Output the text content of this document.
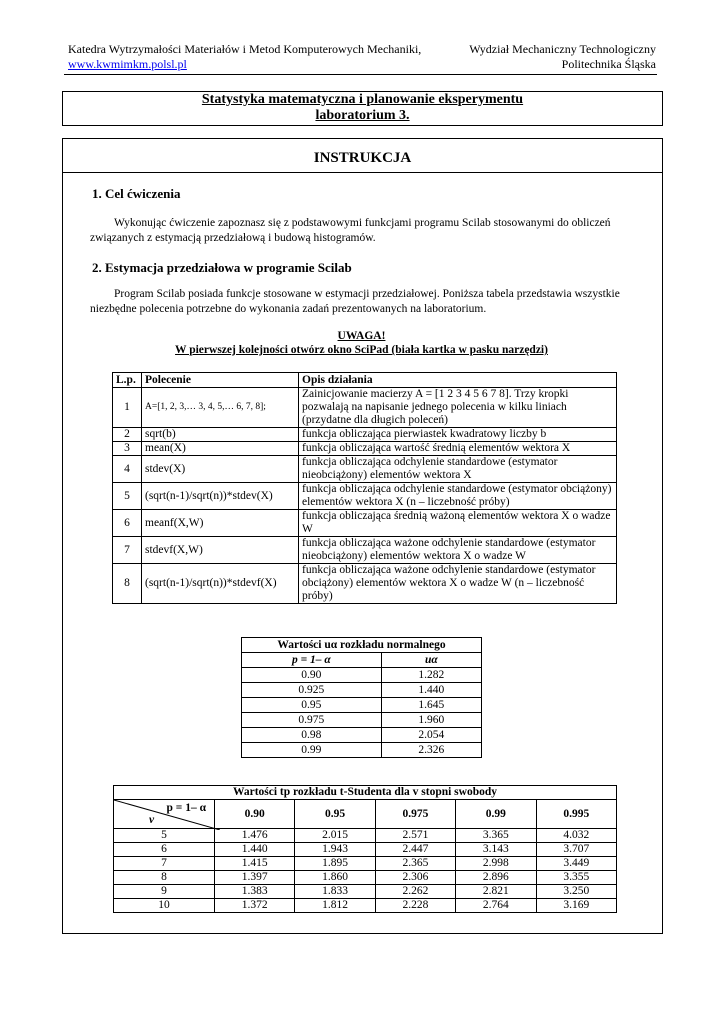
Katedra Wytrzymałości Materiałów i Metod Komputerowych Mechaniki,	Wydział Mechaniczny Technologiczny
www.kwmimkm.polsl.pl	Politechnika Śląska
Statystyka matematyczna i planowanie eksperymentu
laboratorium 3.
INSTRUKCJA
1. Cel ćwiczenia
Wykonując ćwiczenie zapoznasz się z podstawowymi funkcjami programu Scilab stosowanymi do obliczeń związanych z estymacją przedziałową i budową histogramów.
2. Estymacja przedziałowa w programie Scilab
Program Scilab posiada funkcje stosowane w estymacji przedziałowej. Poniższa tabela przedstawia wszystkie niezbędne polecenia potrzebne do wykonania zadań prezentowanych na laboratorium.
UWAGA!
W pierwszej kolejności otwórz okno SciPad (biała kartka w pasku narzędzi)
L.p.	Polecenie	Opis działania
1	A=[1, 2, 3,… 3, 4, 5,… 6, 7, 8];	Zainicjowanie macierzy A = [1 2 3 4 5 6 7 8]. Trzy kropki pozwalają na napisanie jednego polecenia w kilku liniach (przydatne dla długich poleceń)
2	sqrt(b)	funkcja obliczająca pierwiastek kwadratowy liczby b
3	mean(X)	funkcja obliczająca wartość średnią elementów wektora X
4	stdev(X)	funkcja obliczająca odchylenie standardowe (estymator nieobciążony) elementów wektora X
5	(sqrt(n-1)/sqrt(n))*stdev(X)	funkcja obliczająca odchylenie standardowe (estymator obciążony) elementów wektora X (n – liczebność próby)
6	meanf(X,W)	funkcja obliczająca średnią ważoną elementów wektora X o wadze W
7	stdevf(X,W)	funkcja obliczająca ważone odchylenie standardowe (estymator nieobciążony) elementów wektora X o wadze W
8	(sqrt(n-1)/sqrt(n))*stdevf(X)	funkcja obliczająca ważone odchylenie standardowe (estymator obciążony) elementów wektora X o wadze W (n – liczebność próby)
Wartości uα rozkładu normalnego	
p = 1– α	uα
0.90	1.282
0.925	1.440
0.95	1.645
0.975	1.960
0.98	2.054
0.99	2.326
Wartości tp rozkładu t-Studenta dla v stopni swobody					

p = 1– α
v	0.90	0.95	0.975	0.99	0.995
5	1.476	2.015	2.571	3.365	4.032
6	1.440	1.943	2.447	3.143	3.707
7	1.415	1.895	2.365	2.998	3.449
8	1.397	1.860	2.306	2.896	3.355
9	1.383	1.833	2.262	2.821	3.250
10	1.372	1.812	2.228	2.764	3.169
